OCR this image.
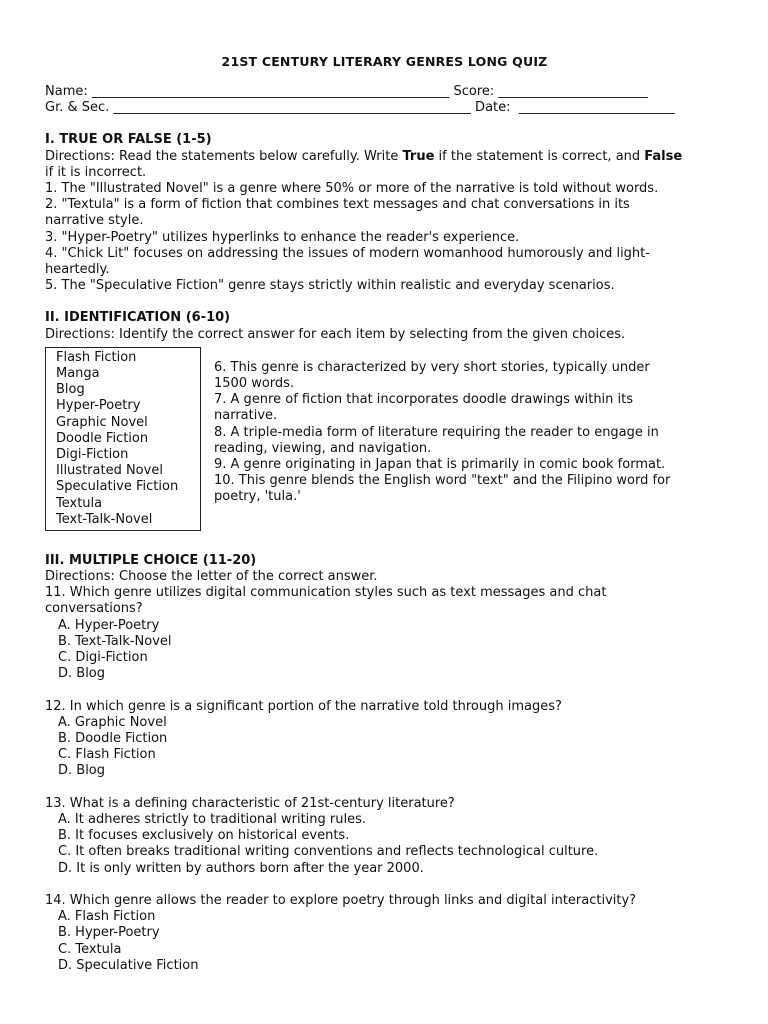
21ST CENTURY LITERARY GENRES LONG QUIZ
Name: _______________________________________________________ Score: _______________________
Gr. & Sec. _______________________________________________________ Date:  ________________________
I. TRUE OR FALSE (1-5)
Directions: Read the statements below carefully. Write True if the statement is correct, and False
if it is incorrect.
1. The "Illustrated Novel" is a genre where 50% or more of the narrative is told without words.
2. "Textula" is a form of fiction that combines text messages and chat conversations in its
narrative style.
3. "Hyper-Poetry" utilizes hyperlinks to enhance the reader's experience.
4. "Chick Lit" focuses on addressing the issues of modern womanhood humorously and light-
heartedly.
5. The "Speculative Fiction" genre stays strictly within realistic and everyday scenarios.
II. IDENTIFICATION (6-10)
Directions: Identify the correct answer for each item by selecting from the given choices.
Flash Fiction
Manga
Blog
Hyper-Poetry
Graphic Novel
Doodle Fiction
Digi-Fiction
Illustrated Novel
Speculative Fiction
Textula
Text-Talk-Novel
6. This genre is characterized by very short stories, typically under
1500 words.
7. A genre of fiction that incorporates doodle drawings within its
narrative.
8. A triple-media form of literature requiring the reader to engage in
reading, viewing, and navigation.
9. A genre originating in Japan that is primarily in comic book format.
10. This genre blends the English word "text" and the Filipino word for
poetry, 'tula.'
III. MULTIPLE CHOICE (11-20)
Directions: Choose the letter of the correct answer.
11. Which genre utilizes digital communication styles such as text messages and chat
conversations?
A. Hyper-Poetry
B. Text-Talk-Novel
C. Digi-Fiction
D. Blog
12. In which genre is a significant portion of the narrative told through images?
A. Graphic Novel
B. Doodle Fiction
C. Flash Fiction
D. Blog
13. What is a defining characteristic of 21st-century literature?
A. It adheres strictly to traditional writing rules.
B. It focuses exclusively on historical events.
C. It often breaks traditional writing conventions and reflects technological culture.
D. It is only written by authors born after the year 2000.
14. Which genre allows the reader to explore poetry through links and digital interactivity?
A. Flash Fiction
B. Hyper-Poetry
C. Textula
D. Speculative Fiction
